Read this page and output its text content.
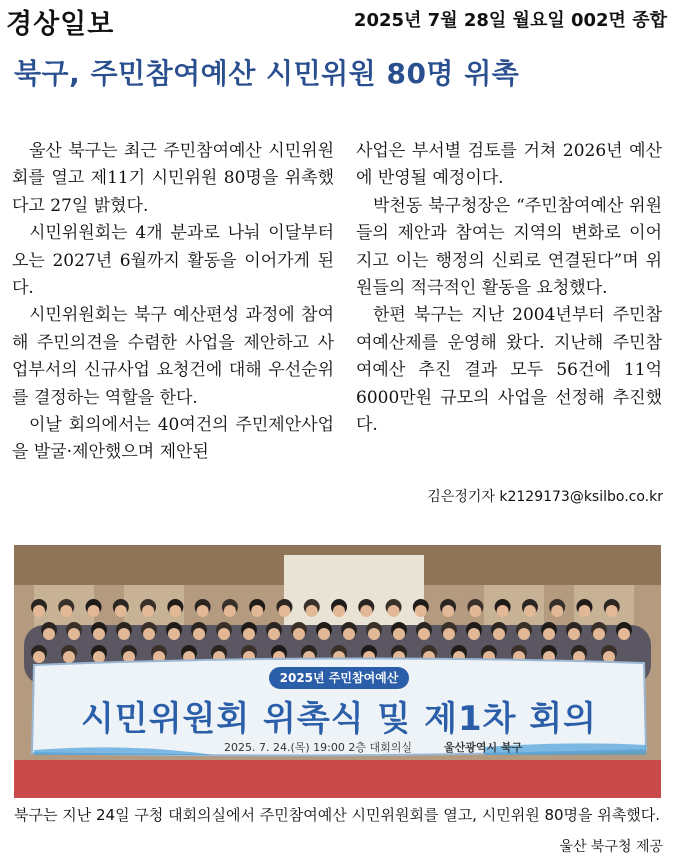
경상일보	2025년 7월 28일 월요일 002면 종합
북구, 주민참여예산 시민위원 80명 위촉

울산 북구는 최근 주민참여예산 시민위원회를 열고 제11기 시민위원 80명을 위촉했다고 27일 밝혔다.

시민위원회는 4개 분과로 나눠 이달부터 오는 2027년 6월까지 활동을 이어가게 된다.

시민위원회는 북구 예산편성 과정에 참여해 주민의견을 수렴한 사업을 제안하고 사업부서의 신규사업 요청건에 대해 우선순위를 결정하는 역할을 한다.

이날 회의에서는 40여건의 주민제안사업을 발굴·제안했으며 제안된

사업은 부서별 검토를 거쳐 2026년 예산에 반영될 예정이다.

박천동 북구청장은 “주민참여예산 위원들의 제안과 참여는 지역의 변화로 이어지고 이는 행정의 신뢰로 연결된다”며 위원들의 적극적인 활동을 요청했다.

한편 북구는 지난 2004년부터 주민참여예산제를 운영해 왔다. 지난해 주민참여예산 추진 결과 모두 56건에 11억6000만원 규모의 사업을 선정해 추진했다.

김은정기자 k2129173@ksilbo.co.kr
2025년 주민참여예산
시민위원회 위촉식 및 제1차 회의
2025. 7. 24.(목) 19:00 2층 대회의실	울산광역시 북구
북구는 지난 24일 구청 대회의실에서 주민참여예산 시민위원회를 열고, 시민위원 80명을 위촉했다.
울산 북구청 제공
